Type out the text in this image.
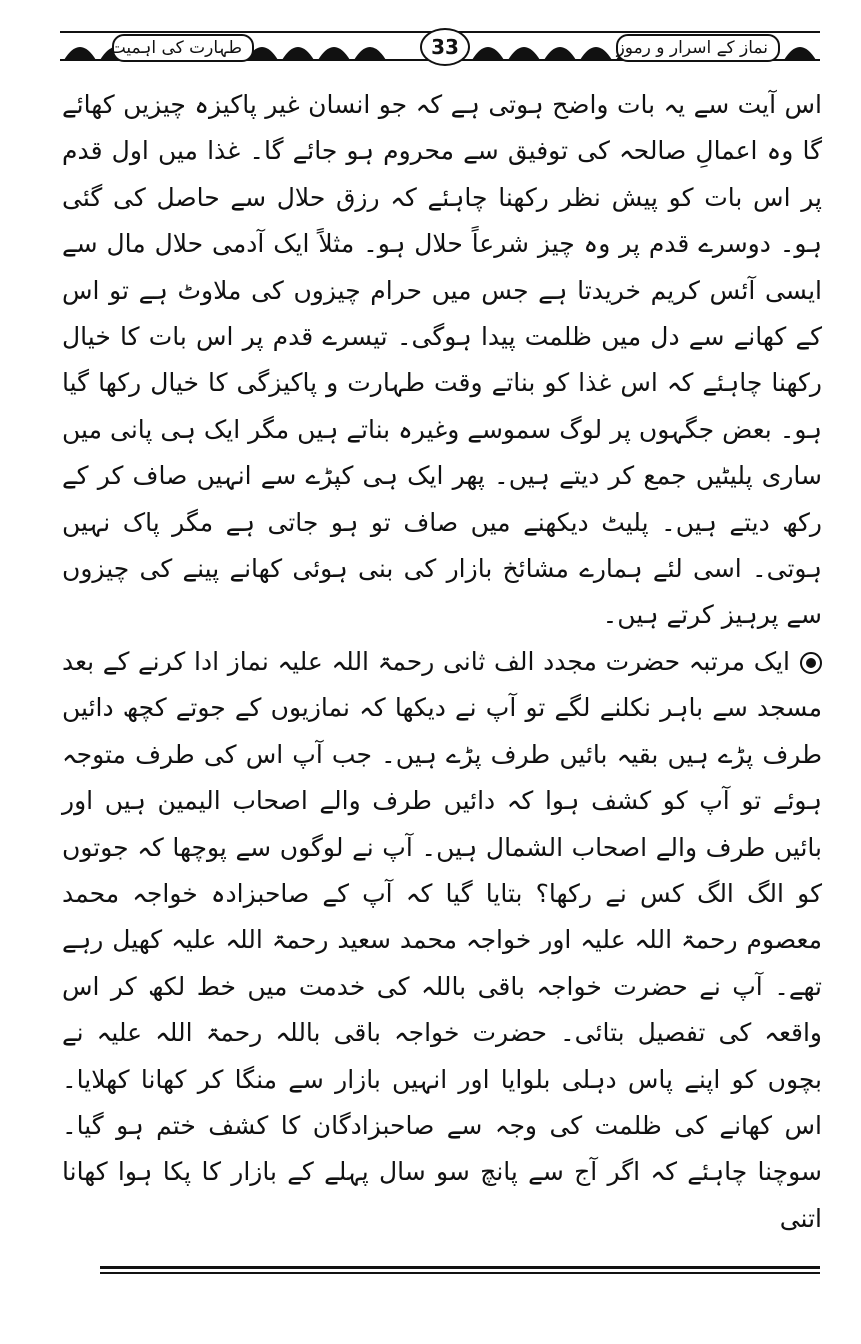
نماز کے اسرار و رموز
33
طہارت کی اہمیت

اس آیت سے یہ بات واضح ہوتی ہے کہ جو انسان غیر پاکیزہ چیزیں کھائے گا وہ اعمالِ صالحہ کی توفیق سے محروم ہو جائے گا۔ غذا میں اول قدم پر اس بات کو پیش نظر رکھنا چاہئے کہ رزق حلال سے حاصل کی گئی ہو۔ دوسرے قدم پر وہ چیز شرعاً حلال ہو۔ مثلاً ایک آدمی حلال مال سے ایسی آئس کریم خریدتا ہے جس میں حرام چیزوں کی ملاوٹ ہے تو اس کے کھانے سے دل میں ظلمت پیدا ہوگی۔ تیسرے قدم پر اس بات کا خیال رکھنا چاہئے کہ اس غذا کو بناتے وقت طہارت و پاکیزگی کا خیال رکھا گیا ہو۔ بعض جگہوں پر لوگ سموسے وغیرہ بناتے ہیں مگر ایک ہی پانی میں ساری پلیٹیں جمع کر دیتے ہیں۔ پھر ایک ہی کپڑے سے انہیں صاف کر کے رکھ دیتے ہیں۔ پلیٹ دیکھنے میں صاف تو ہو جاتی ہے مگر پاک نہیں ہوتی۔ اسی لئے ہمارے مشائخ بازار کی بنی ہوئی کھانے پینے کی چیزوں سے پرہیز کرتے ہیں۔

ایک مرتبہ حضرت مجدد الف ثانی رحمۃ اللہ علیہ نماز ادا کرنے کے بعد مسجد سے باہر نکلنے لگے تو آپ نے دیکھا کہ نمازیوں کے جوتے کچھ دائیں طرف پڑے ہیں بقیہ بائیں طرف پڑے ہیں۔ جب آپ اس کی طرف متوجہ ہوئے تو آپ کو کشف ہوا کہ دائیں طرف والے اصحاب الیمین ہیں اور بائیں طرف والے اصحاب الشمال ہیں۔ آپ نے لوگوں سے پوچھا کہ جوتوں کو الگ الگ کس نے رکھا؟ بتایا گیا کہ آپ کے صاحبزادہ خواجہ محمد معصوم رحمۃ اللہ علیہ اور خواجہ محمد سعید رحمۃ اللہ علیہ کھیل رہے تھے۔ آپ نے حضرت خواجہ باقی باللہ کی خدمت میں خط لکھ کر اس واقعہ کی تفصیل بتائی۔ حضرت خواجہ باقی باللہ رحمۃ اللہ علیہ نے بچوں کو اپنے پاس دہلی بلوایا اور انہیں بازار سے منگا کر کھانا کھلایا۔ اس کھانے کی ظلمت کی وجہ سے صاحبزادگان کا کشف ختم ہو گیا۔ سوچنا چاہئے کہ اگر آج سے پانچ سو سال پہلے کے بازار کا پکا ہوا کھانا اتنی
